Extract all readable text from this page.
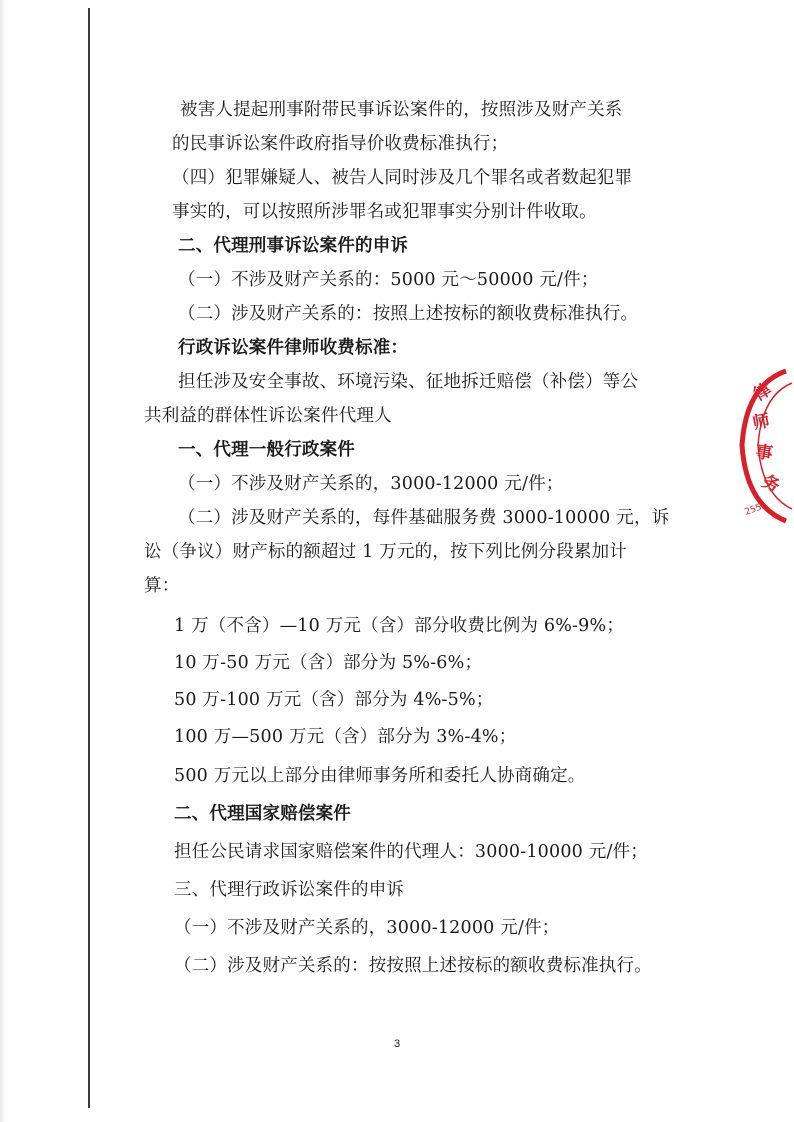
被害人提起刑事附带民事诉讼案件的，按照涉及财产关系
的民事诉讼案件政府指导价收费标准执行；
（四）犯罪嫌疑人、被告人同时涉及几个罪名或者数起犯罪
事实的，可以按照所涉罪名或犯罪事实分别计件收取。
二、代理刑事诉讼案件的申诉
（一）不涉及财产关系的：5000 元～50000 元/件；
（二）涉及财产关系的：按照上述按标的额收费标准执行。
行政诉讼案件律师收费标准：
担任涉及安全事故、环境污染、征地拆迁赔偿（补偿）等公
共利益的群体性诉讼案件代理人
一、代理一般行政案件
（一）不涉及财产关系的，3000-12000 元/件；
（二）涉及财产关系的，每件基础服务费 3000-10000 元，诉
讼（争议）财产标的额超过 1 万元的，按下列比例分段累加计
算：
1 万（不含）—10 万元（含）部分收费比例为 6%-9%；
10 万-50 万元（含）部分为 5%-6%；
50 万-100 万元（含）部分为 4%-5%；
100 万—500 万元（含）部分为 3%-4%；
500 万元以上部分由律师事务所和委托人协商确定。
二、代理国家赔偿案件
担任公民请求国家赔偿案件的代理人：3000-10000 元/件；
三、代理行政诉讼案件的申诉
（一）不涉及财产关系的，3000-12000 元/件；
（二）涉及财产关系的：按按照上述按标的额收费标准执行。
3
律
师
事
务
2551
